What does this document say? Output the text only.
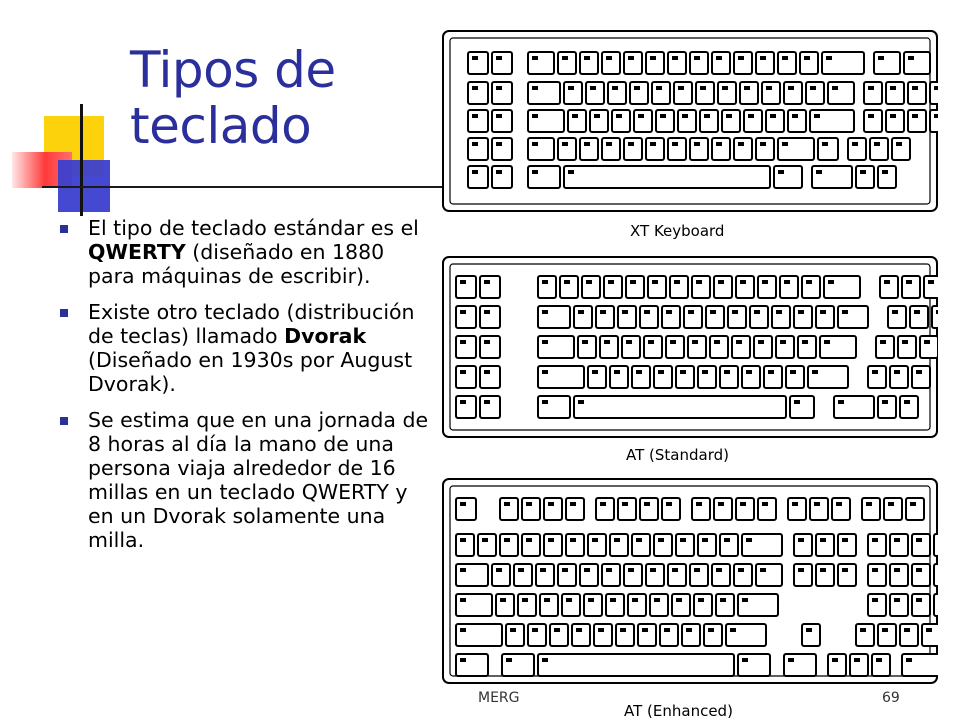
Tipos de
teclado
El tipo de teclado estándar es el QWERTY (diseñado en 1880 para máquinas de escribir).
Existe otro teclado (distribución de teclas) llamado Dvorak (Diseñado en 1930s por August Dvorak).
Se estima que en una jornada de 8 horas al día la mano de una persona viaja alrededor de 16 millas en un teclado QWERTY y en un Dvorak solamente una milla.
XT Keyboard
AT (Standard)
AT (Enhanced)
MERG	69
